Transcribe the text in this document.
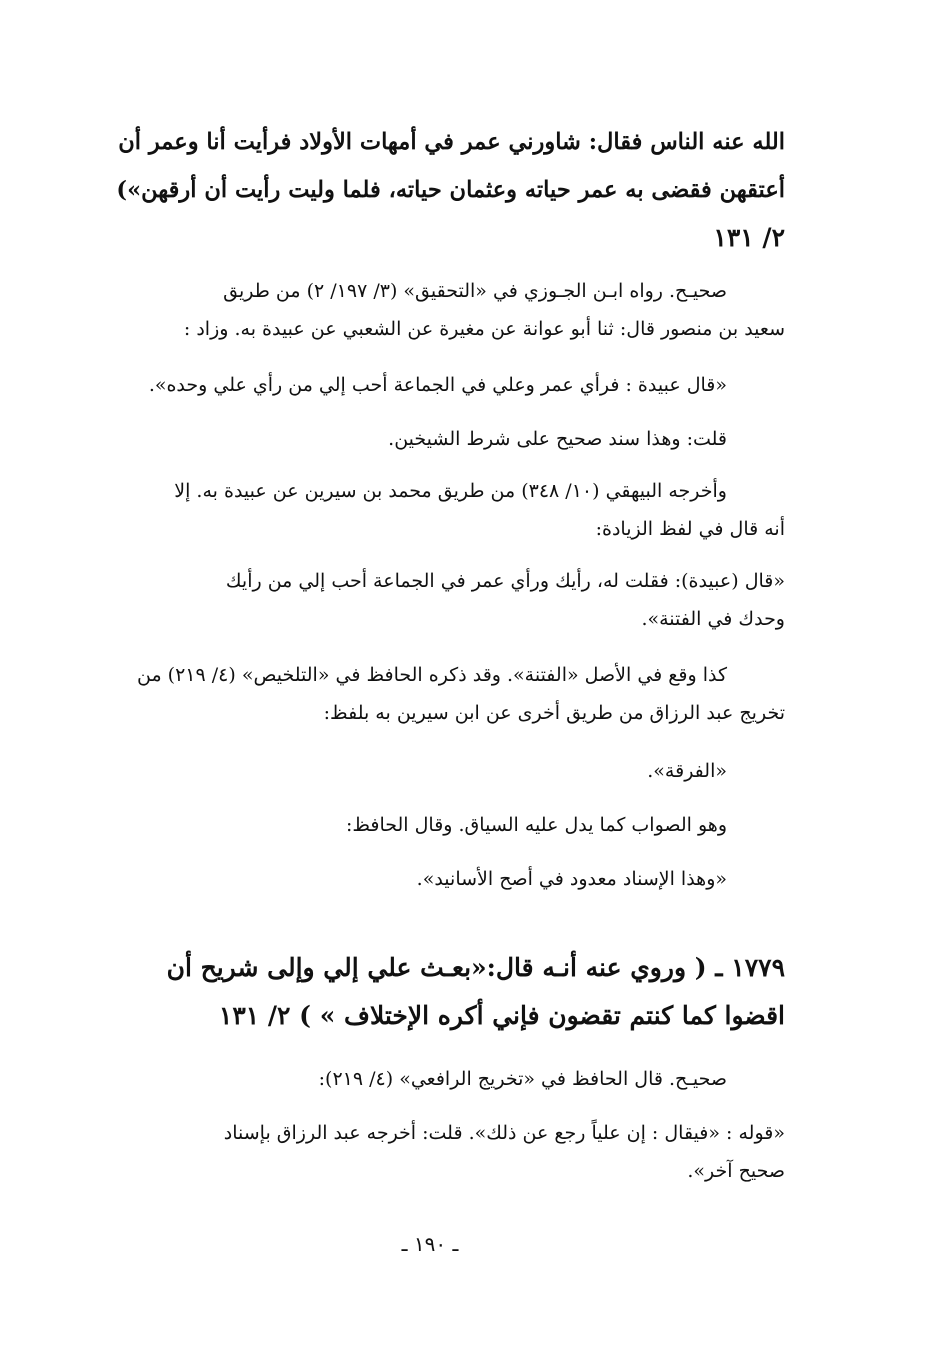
الله عنه الناس فقال: شاورني عمر في أمهات الأولاد فرأيت أنا وعمر أن
أعتقهن فقضى به عمر حياته وعثمان حياته، فلما وليت رأيت أن أرقهن»)
٢/ ١٣١
صحيـح. رواه ابـن الجـوزي في «التحقيق» (٣/ ١٩٧/ ٢) من طريق
سعيد بن منصور قال: ثنا أبو عوانة عن مغيرة عن الشعبي عن عبيدة به. وزاد :
«قال عبيدة : فرأي عمر وعلي في الجماعة أحب إلي من رأي علي وحده».
قلت: وهذا سند صحيح على شرط الشيخين.
وأخرجه البيهقي (١٠/ ٣٤٨) من طريق محمد بن سيرين عن عبيدة به. إلا
أنه قال في لفظ الزيادة:
«قال (عبيدة): فقلت له، رأيك ورأي عمر في الجماعة أحب إلي من رأيك
وحدك في الفتنة».
كذا وقع في الأصل «الفتنة». وقد ذكره الحافظ في «التلخيص» (٤/ ٢١٩) من
تخريج عبد الرزاق من طريق أخرى عن ابن سيرين به بلفظ:
«الفرقة».
وهو الصواب كما يدل عليه السياق. وقال الحافظ:
«وهذا الإسناد معدود في أصح الأسانيد».
١٧٧٩ ـ ( وروي عنه أنـه قال:«بعـث علي إلي وإلى شريح أن
اقضوا كما كنتم تقضون فإني أكره الإختلاف » ) ٢/ ١٣١
صحيـح. قال الحافظ في «تخريج الرافعي» (٤/ ٢١٩):
«قوله : «فيقال : إن علياً رجع عن ذلك». قلت: أخرجه عبد الرزاق بإسناد
صحيح آخر».
ـ ١٩٠ ـ
